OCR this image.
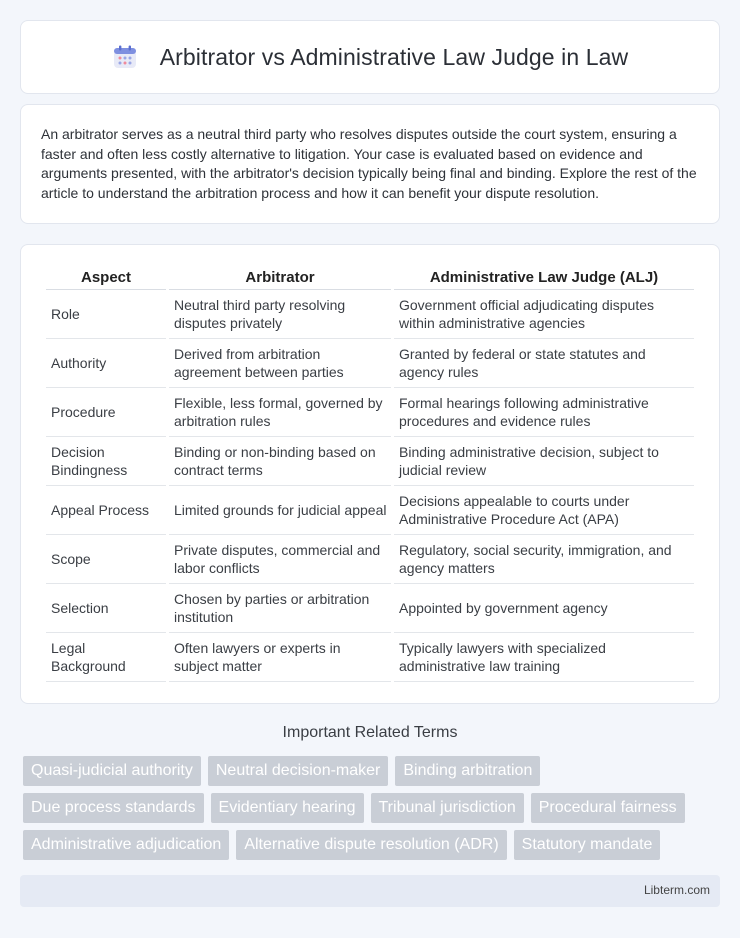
Arbitrator vs Administrative Law Judge in Law

An arbitrator serves as a neutral third party who resolves disputes outside the court system, ensuring a faster and often less costly alternative to litigation. Your case is evaluated based on evidence and arguments presented, with the arbitrator's decision typically being final and binding. Explore the rest of the article to understand the arbitration process and how it can benefit your dispute resolution.

Aspect	Arbitrator	Administrative Law Judge (ALJ)
Role	Neutral third party resolving disputes privately	Government official adjudicating disputes within administrative agencies
Authority	Derived from arbitration agreement between parties	Granted by federal or state statutes and agency rules
Procedure	Flexible, less formal, governed by arbitration rules	Formal hearings following administrative procedures and evidence rules
Decision Bindingness	Binding or non-binding based on contract terms	Binding administrative decision, subject to judicial review
Appeal Process	Limited grounds for judicial appeal	Decisions appealable to courts under Administrative Procedure Act (APA)
Scope	Private disputes, commercial and labor conflicts	Regulatory, social security, immigration, and agency matters
Selection	Chosen by parties or arbitration institution	Appointed by government agency
Legal Background	Often lawyers or experts in subject matter	Typically lawyers with specialized administrative law training
Important Related Terms
Quasi-judicial authority	Neutral decision-maker	Binding arbitration
Due process standards	Evidentiary hearing	Tribunal jurisdiction	Procedural fairness
Administrative adjudication	Alternative dispute resolution (ADR)	Statutory mandate
Libterm.com
